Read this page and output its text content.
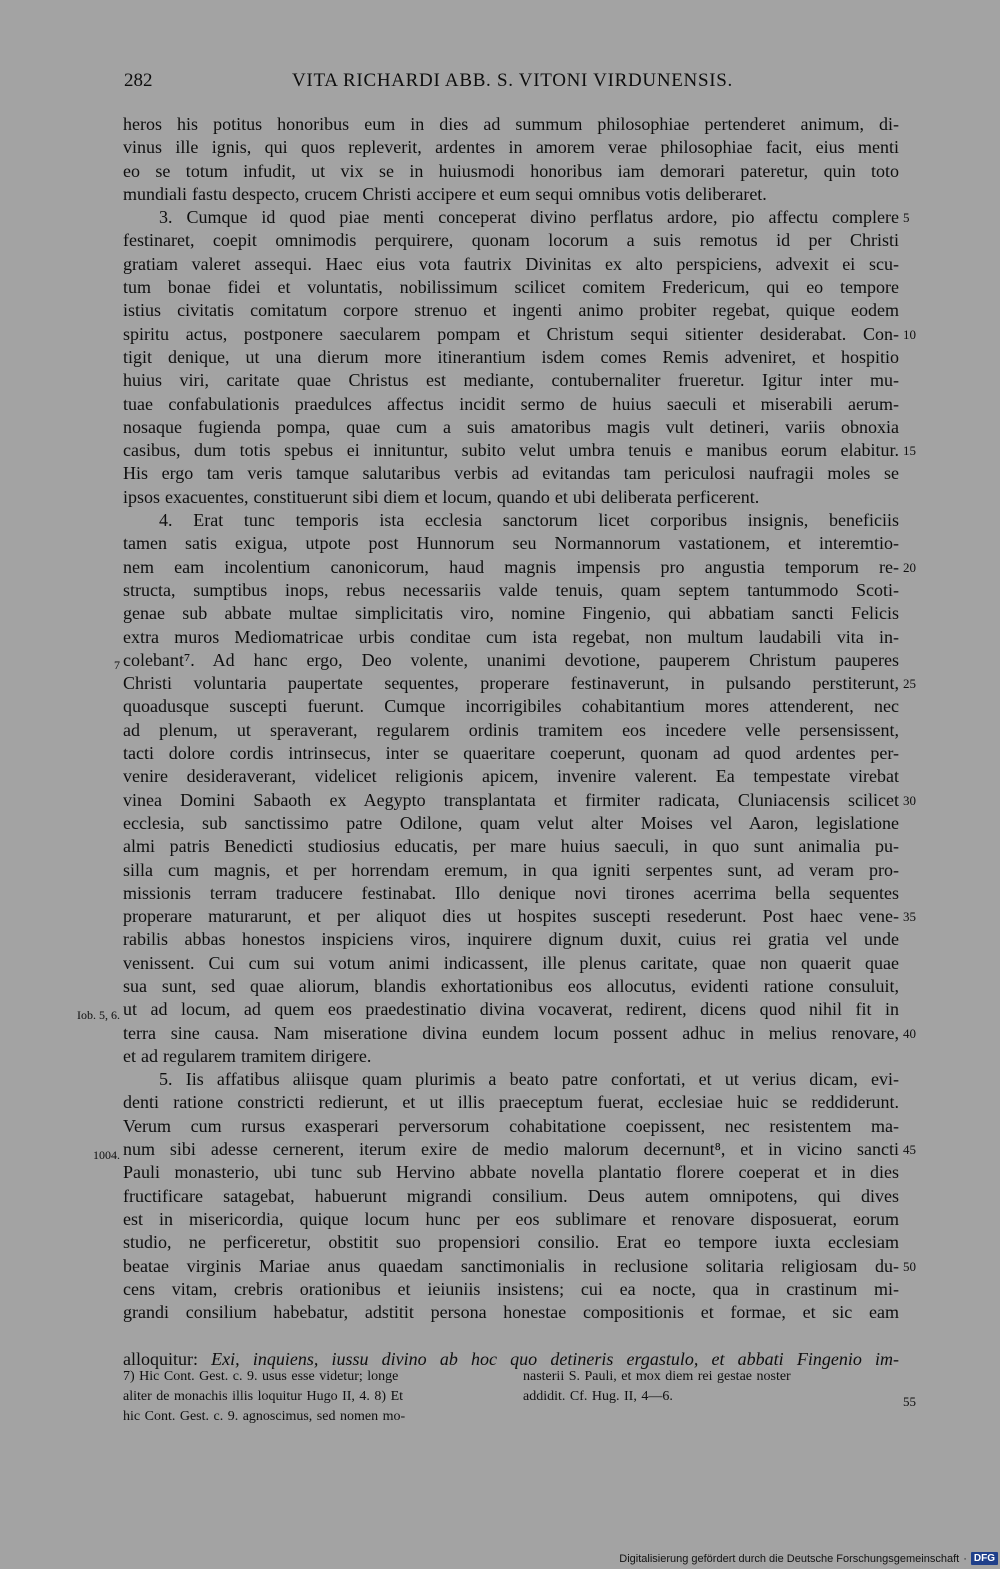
282	VITA RICHARDI ABB. S. VITONI VIRDUNENSIS.
heros his potitus honoribus eum in dies ad summum philosophiae pertenderet animum, di-
vinus ille ignis, qui quos repleverit, ardentes in amorem verae philosophiae facit, eius menti
eo se totum infudit, ut vix se in huiusmodi honoribus iam demorari pateretur, quin toto
mundiali fastu despecto, crucem Christi accipere et eum sequi omnibus votis deliberaret.
3. Cumque id quod piae menti conceperat divino perflatus ardore, pio affectu complere
festinaret, coepit omnimodis perquirere, quonam locorum a suis remotus id per Christi
gratiam valeret assequi. Haec eius vota fautrix Divinitas ex alto perspiciens, advexit ei scu-
tum bonae fidei et voluntatis, nobilissimum scilicet comitem Fredericum, qui eo tempore
istius civitatis comitatum corpore strenuo et ingenti animo probiter regebat, quique eodem
spiritu actus, postponere saecularem pompam et Christum sequi sitienter desiderabat. Con-
tigit denique, ut una dierum more itinerantium isdem comes Remis adveniret, et hospitio
huius viri, caritate quae Christus est mediante, contubernaliter frueretur. Igitur inter mu-
tuae confabulationis praedulces affectus incidit sermo de huius saeculi et miserabili aerum-
nosaque fugienda pompa, quae cum a suis amatoribus magis vult detineri, variis obnoxia
casibus, dum totis spebus ei innituntur, subito velut umbra tenuis e manibus eorum elabitur.
His ergo tam veris tamque salutaribus verbis ad evitandas tam periculosi naufragii moles se
ipsos exacuentes, constituerunt sibi diem et locum, quando et ubi deliberata perficerent.
4. Erat tunc temporis ista ecclesia sanctorum licet corporibus insignis, beneficiis
tamen satis exigua, utpote post Hunnorum seu Normannorum vastationem, et interemtio-
nem eam incolentium canonicorum, haud magnis impensis pro angustia temporum re-
structa, sumptibus inops, rebus necessariis valde tenuis, quam septem tantummodo Scoti-
genae sub abbate multae simplicitatis viro, nomine Fingenio, qui abbatiam sancti Felicis
extra muros Mediomatricae urbis conditae cum ista regebat, non multum laudabili vita in-
colebant⁷. Ad hanc ergo, Deo volente, unanimi devotione, pauperem Christum pauperes
Christi voluntaria paupertate sequentes, properare festinaverunt, in pulsando perstiterunt,
quoadusque suscepti fuerunt. Cumque incorrigibiles cohabitantium mores attenderent, nec
ad plenum, ut speraverant, regularem ordinis tramitem eos incedere velle persensissent,
tacti dolore cordis intrinsecus, inter se quaeritare coeperunt, quonam ad quod ardentes per-
venire desideraverant, videlicet religionis apicem, invenire valerent. Ea tempestate virebat
vinea Domini Sabaoth ex Aegypto transplantata et firmiter radicata, Cluniacensis scilicet
ecclesia, sub sanctissimo patre Odilone, quam velut alter Moises vel Aaron, legislatione
almi patris Benedicti studiosius educatis, per mare huius saeculi, in quo sunt animalia pu-
silla cum magnis, et per horrendam eremum, in qua igniti serpentes sunt, ad veram pro-
missionis terram traducere festinabat. Illo denique novi tirones acerrima bella sequentes
properare maturarunt, et per aliquot dies ut hospites suscepti resederunt. Post haec vene-
rabilis abbas honestos inspiciens viros, inquirere dignum duxit, cuius rei gratia vel unde
venissent. Cui cum sui votum animi indicassent, ille plenus caritate, quae non quaerit quae
sua sunt, sed quae aliorum, blandis exhortationibus eos allocutus, evidenti ratione consuluit,
ut ad locum, ad quem eos praedestinatio divina vocaverat, redirent, dicens quod nihil fit in
terra sine causa. Nam miseratione divina eundem locum possent adhuc in melius renovare,
et ad regularem tramitem dirigere.
5. Iis affatibus aliisque quam plurimis a beato patre confortati, et ut verius dicam, evi-
denti ratione constricti redierunt, et ut illis praeceptum fuerat, ecclesiae huic se reddiderunt.
Verum cum rursus exasperari perversorum cohabitatione coepissent, nec resistentem ma-
num sibi adesse cernerent, iterum exire de medio malorum decernunt⁸, et in vicino sancti
Pauli monasterio, ubi tunc sub Hervino abbate novella plantatio florere coeperat et in dies
fructificare satagebat, habuerunt migrandi consilium. Deus autem omnipotens, qui dives
est in misericordia, quique locum hunc per eos sublimare et renovare disposuerat, eorum
studio, ne perficeretur, obstitit suo propensiori consilio. Erat eo tempore iuxta ecclesiam
beatae virginis Mariae anus quaedam sanctimonialis in reclusione solitaria religiosam du-
cens vitam, crebris orationibus et ieiuniis insistens; cui ea nocte, qua in crastinum mi-
grandi consilium habebatur, adstitit persona honestae compositionis et formae, et sic eam
alloquitur: Exi, inquiens, iussu divino ab hoc quo detineris ergastulo, et abbati Fingenio im-
5
10
15
20
25
30
35
40
45
50
55
7
Iob. 5, 6.
1004.
7) Hic Cont. Gest. c. 9. usus esse videtur; longe
aliter de monachis illis loquitur Hugo II, 4. 8) Et
hic Cont. Gest. c. 9. agnoscimus, sed nomen mo-
nasterii S. Pauli, et mox diem rei gestae noster
addidit. Cf. Hug. II, 4—6.
Digitalisierung gefördert durch die Deutsche Forschungsgemeinschaft · DFG
